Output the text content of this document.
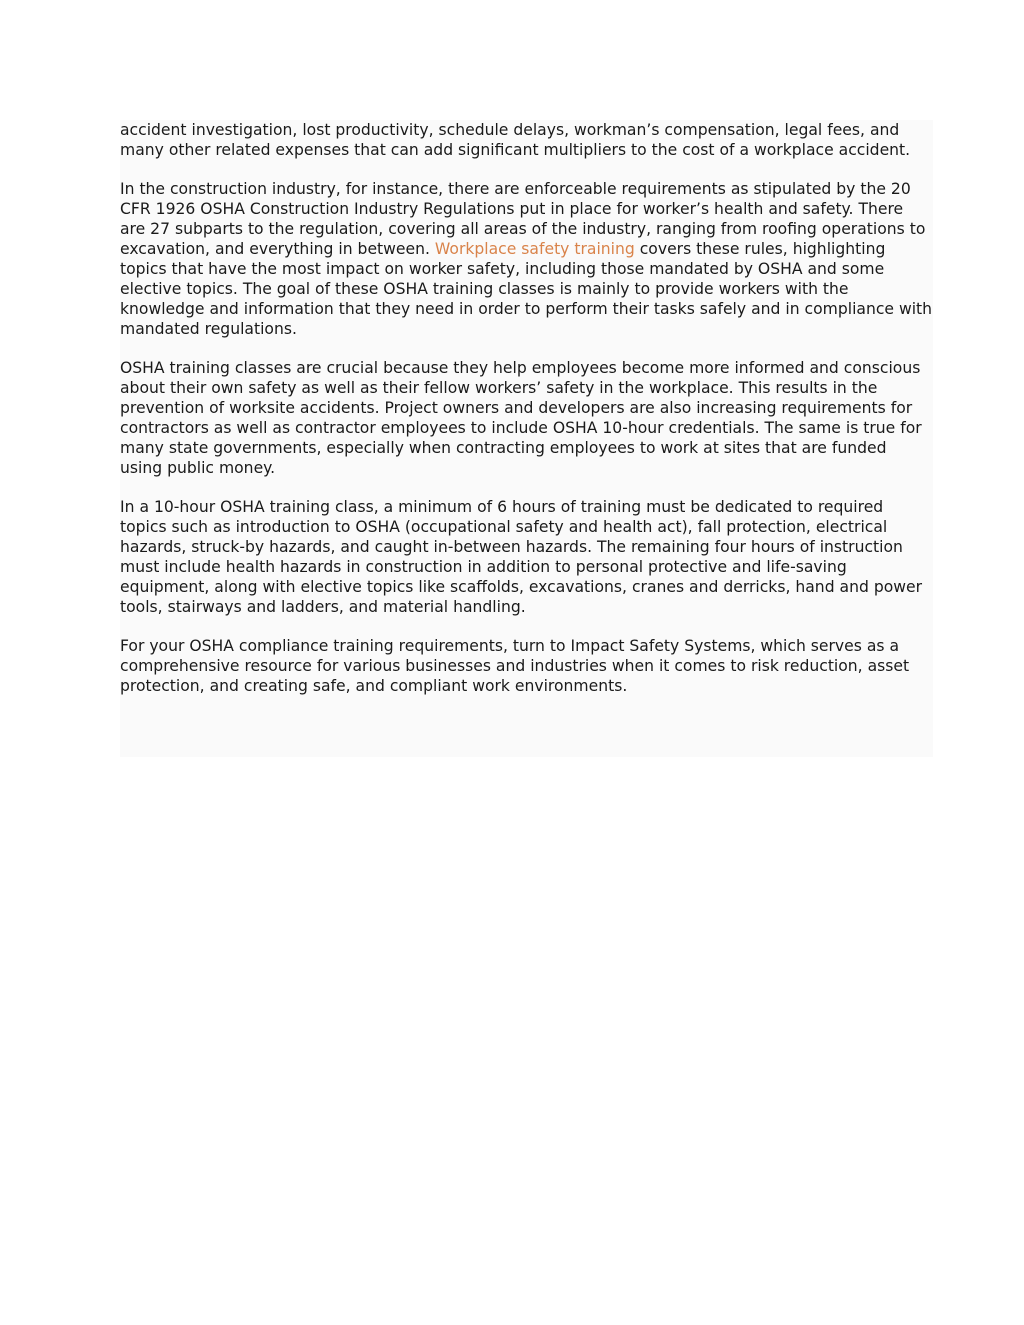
accident investigation, lost productivity, schedule delays, workman’s compensation, legal fees, and many other related expenses that can add significant multipliers to the cost of a workplace accident.

In the construction industry, for instance, there are enforceable requirements as stipulated by the 20 CFR 1926 OSHA Construction Industry Regulations put in place for worker’s health and safety. There are 27 subparts to the regulation, covering all areas of the industry, ranging from roofing operations to excavation, and everything in between. Workplace safety training covers these rules, highlighting topics that have the most impact on worker safety, including those mandated by OSHA and some elective topics. The goal of these OSHA training classes is mainly to provide workers with the knowledge and information that they need in order to perform their tasks safely and in compliance with mandated regulations.

OSHA training classes are crucial because they help employees become more informed and conscious about their own safety as well as their fellow workers’ safety in the workplace. This results in the prevention of worksite accidents. Project owners and developers are also increasing requirements for contractors as well as contractor employees to include OSHA 10-hour credentials. The same is true for many state governments, especially when contracting employees to work at sites that are funded using public money.

In a 10-hour OSHA training class, a minimum of 6 hours of training must be dedicated to required topics such as introduction to OSHA (occupational safety and health act), fall protection, electrical hazards, struck-by hazards, and caught in-between hazards. The remaining four hours of instruction must include health hazards in construction in addition to personal protective and life-saving equipment, along with elective topics like scaffolds, excavations, cranes and derricks, hand and power tools, stairways and ladders, and material handling.

For your OSHA compliance training requirements, turn to Impact Safety Systems, which serves as a comprehensive resource for various businesses and industries when it comes to risk reduction, asset protection, and creating safe, and compliant work environments.
